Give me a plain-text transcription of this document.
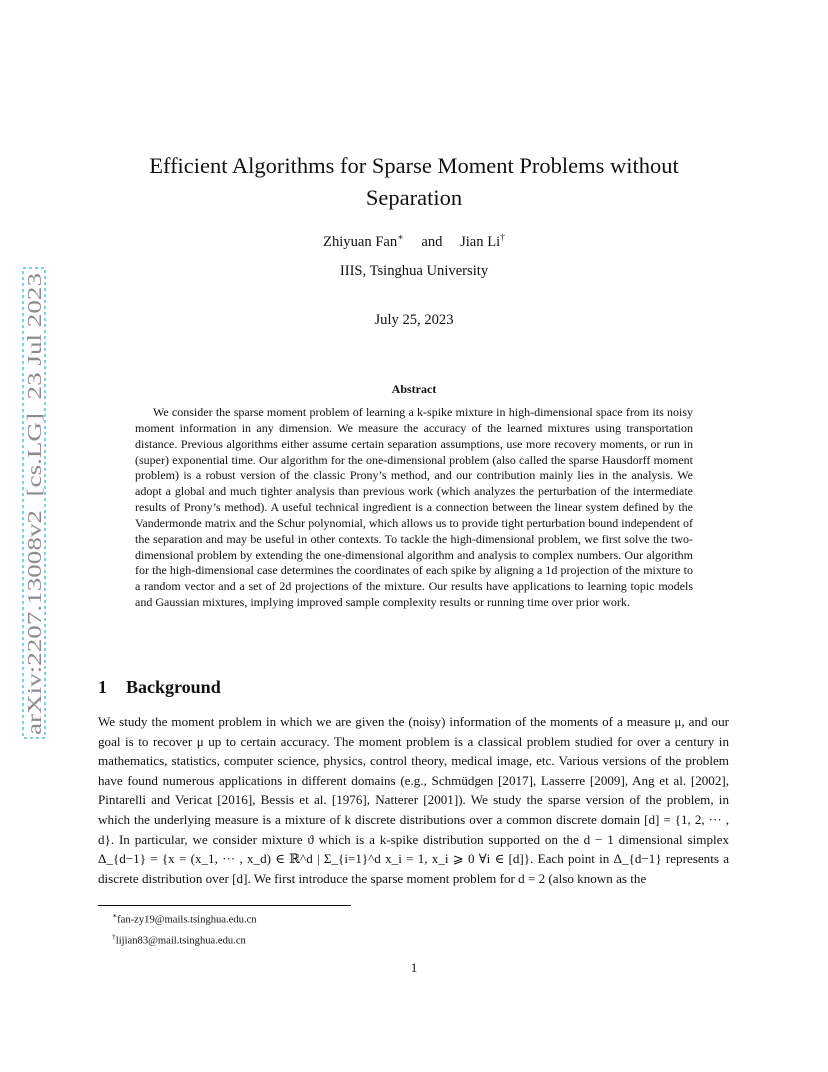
arXiv:2207.13008v2  [cs.LG]  23 Jul 2023
Efficient Algorithms for Sparse Moment Problems without Separation
Zhiyuan Fan∗ and Jian Li†
IIIS, Tsinghua University
July 25, 2023
Abstract

We consider the sparse moment problem of learning a k-spike mixture in high-dimensional space from its noisy moment information in any dimension. We measure the accuracy of the learned mixtures using transportation distance. Previous algorithms either assume certain separation assumptions, use more recovery moments, or run in (super) exponential time. Our algorithm for the one-dimensional problem (also called the sparse Hausdorff moment problem) is a robust version of the classic Prony’s method, and our contribution mainly lies in the analysis. We adopt a global and much tighter analysis than previous work (which analyzes the perturbation of the intermediate results of Prony’s method). A useful technical ingredient is a connection between the linear system defined by the Vandermonde matrix and the Schur polynomial, which allows us to provide tight perturbation bound independent of the separation and may be useful in other contexts. To tackle the high-dimensional problem, we first solve the two-dimensional problem by extending the one-dimensional algorithm and analysis to complex numbers. Our algorithm for the high-dimensional case determines the coordinates of each spike by aligning a 1d projection of the mixture to a random vector and a set of 2d projections of the mixture. Our results have applications to learning topic models and Gaussian mixtures, implying improved sample complexity results or running time over prior work.

1 Background

We study the moment problem in which we are given the (noisy) information of the moments of a measure μ, and our goal is to recover μ up to certain accuracy. The moment problem is a classical problem studied for over a century in mathematics, statistics, computer science, physics, control theory, medical image, etc. Various versions of the problem have found numerous applications in different domains (e.g., Schmüdgen [2017], Lasserre [2009], Ang et al. [2002], Pintarelli and Vericat [2016], Bessis et al. [1976], Natterer [2001]). We study the sparse version of the problem, in which the underlying measure is a mixture of k discrete distributions over a common discrete domain [d] = {1, 2, ··· , d}. In particular, we consider mixture ϑ which is a k-spike distribution supported on the d − 1 dimensional simplex Δ_{d−1} = {x = (x_1, ··· , x_d) ∈ ℝ^d | Σ_{i=1}^d x_i = 1, x_i ⩾ 0 ∀i ∈ [d]}. Each point in Δ_{d−1} represents a discrete distribution over [d]. We first introduce the sparse moment problem for d = 2 (also known as the

∗fan-zy19@mails.tsinghua.edu.cn
†lijian83@mail.tsinghua.edu.cn
1
